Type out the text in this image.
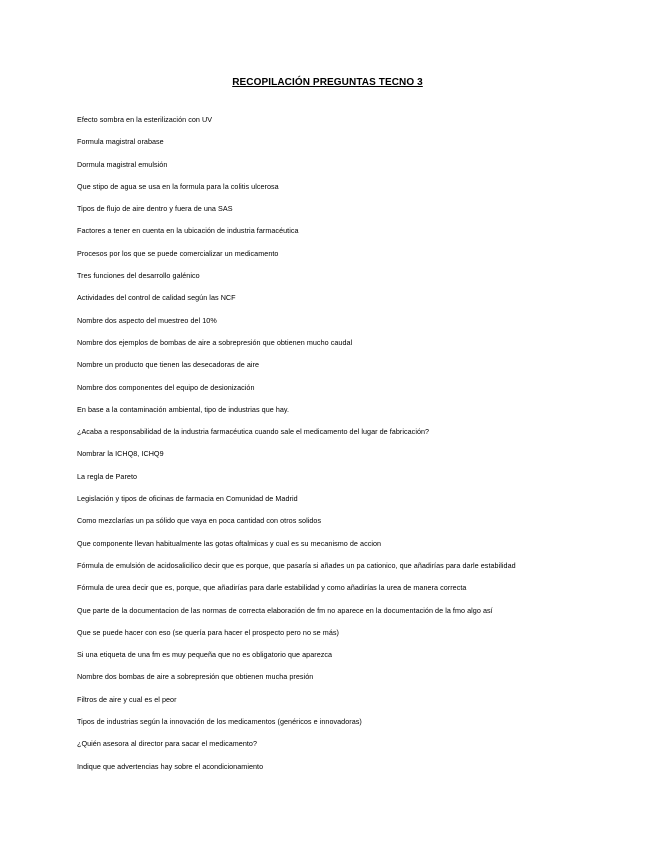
RECOPILACIÓN PREGUNTAS TECNO 3
Efecto sombra en la esterilización con UV
Formula magistral orabase
Dormula magistral emulsión
Que stipo de agua se usa en la formula para la colitis ulcerosa
Tipos de flujo de aire dentro y fuera de una SAS
Factores a tener en cuenta en la ubicación de industria farmacéutica
Procesos por los que se puede comercializar un medicamento
Tres funciones del desarrollo galénico
Actividades del control de calidad según las NCF
Nombre dos aspecto del muestreo del 10%
Nombre dos ejemplos de bombas de aire a sobrepresión que obtienen mucho caudal
Nombre un producto que tienen las desecadoras de aire
Nombre dos componentes del equipo de desionización
En base a la contaminación ambiental, tipo de industrias que hay.
¿Acaba a responsabilidad de la industria farmacéutica cuando sale el medicamento del lugar de fabricación?
Nombrar la ICHQ8, ICHQ9
La regla de Pareto
Legislación y tipos de oficinas de farmacia en Comunidad de Madrid
Como mezclarías un pa sólido que vaya en poca cantidad con otros solidos
Que componente llevan habitualmente las gotas oftalmicas y cual es su mecanismo de accion
Fórmula de emulsión de acidosalicilico decir que es porque, que pasaría si añades un pa cationico, que añadirías para darle estabilidad
Fórmula de urea decir que es, porque, que añadirías para darle estabilidad y como añadirías la urea de manera correcta
Que parte de la documentacion de las normas de correcta elaboración de fm no aparece en la documentación de la fmo algo así
Que se puede hacer con eso (se quería para hacer el prospecto pero no se más)
Si una etiqueta de una fm es muy pequeña que no es obligatorio que aparezca
Nombre dos bombas de aire a sobrepresión que obtienen mucha presión
Filtros de aire y cual es el peor
Tipos de industrias según la innovación de los medicamentos (genéricos e innovadoras)
¿Quién asesora al director para sacar el medicamento?
Indique que advertencias hay sobre el acondicionamiento
